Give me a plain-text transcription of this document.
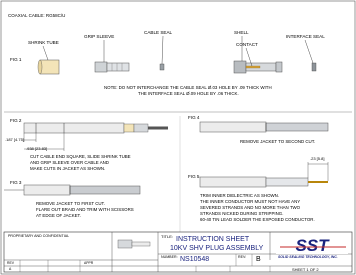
SST
COAXIAL CABLE: RG58C/U
FIG 1
SHRINK TUBE
GRIP SLEEVE
CABLE SEAL	SHELL
CONTACT
INTERFACE SEAL
NOTE: DO NOT INTERCHANGE THE CABLE SEAL Ø.03 HOLE BY .09 THICK WITH
THE INTERFACE SEAL Ø.09 HOLE BY .06 THICK.
FIG 2
.187 [4.75]
.938 [23.83]
CUT CABLE END SQUARE, SLIDE SHRINK TUBE
AND GRIP SLEEVE OVER CABLE AND
MAKE CUTS IN JACKET AS SHOWN.
FIG 3
REMOVE JACKET TO FIRST CUT.
FLARE OUT BRAID AND TRIM WITH SCISSORS
AT EDGE OF JACKET.
FIG 4
REMOVE JACKET TO SECOND CUT.
FIG 5
.23 [5.8]
TRIM INNER DIELECTRIC AS SHOWN.
THE INNER CONDUCTOR MUST NOT HAVE ANY
SEVERED STRANDS AND NO MORE THAN TWO
STRANDS NICKED DURING STRIPPING.
60-40 TIN LEAD SOLDER THE EXPOSED CONDUCTOR.
PROPRIETARY AND CONFIDENTIAL	TITLE: INSTRUCTION SHEET
10KV SHV PLUG ASSEMBLY
NUMBER: NS10548	REV: B
SHEET 1 OF 2
SOLID SEALING TECHNOLOGY, INC.
REV
A
APPR
